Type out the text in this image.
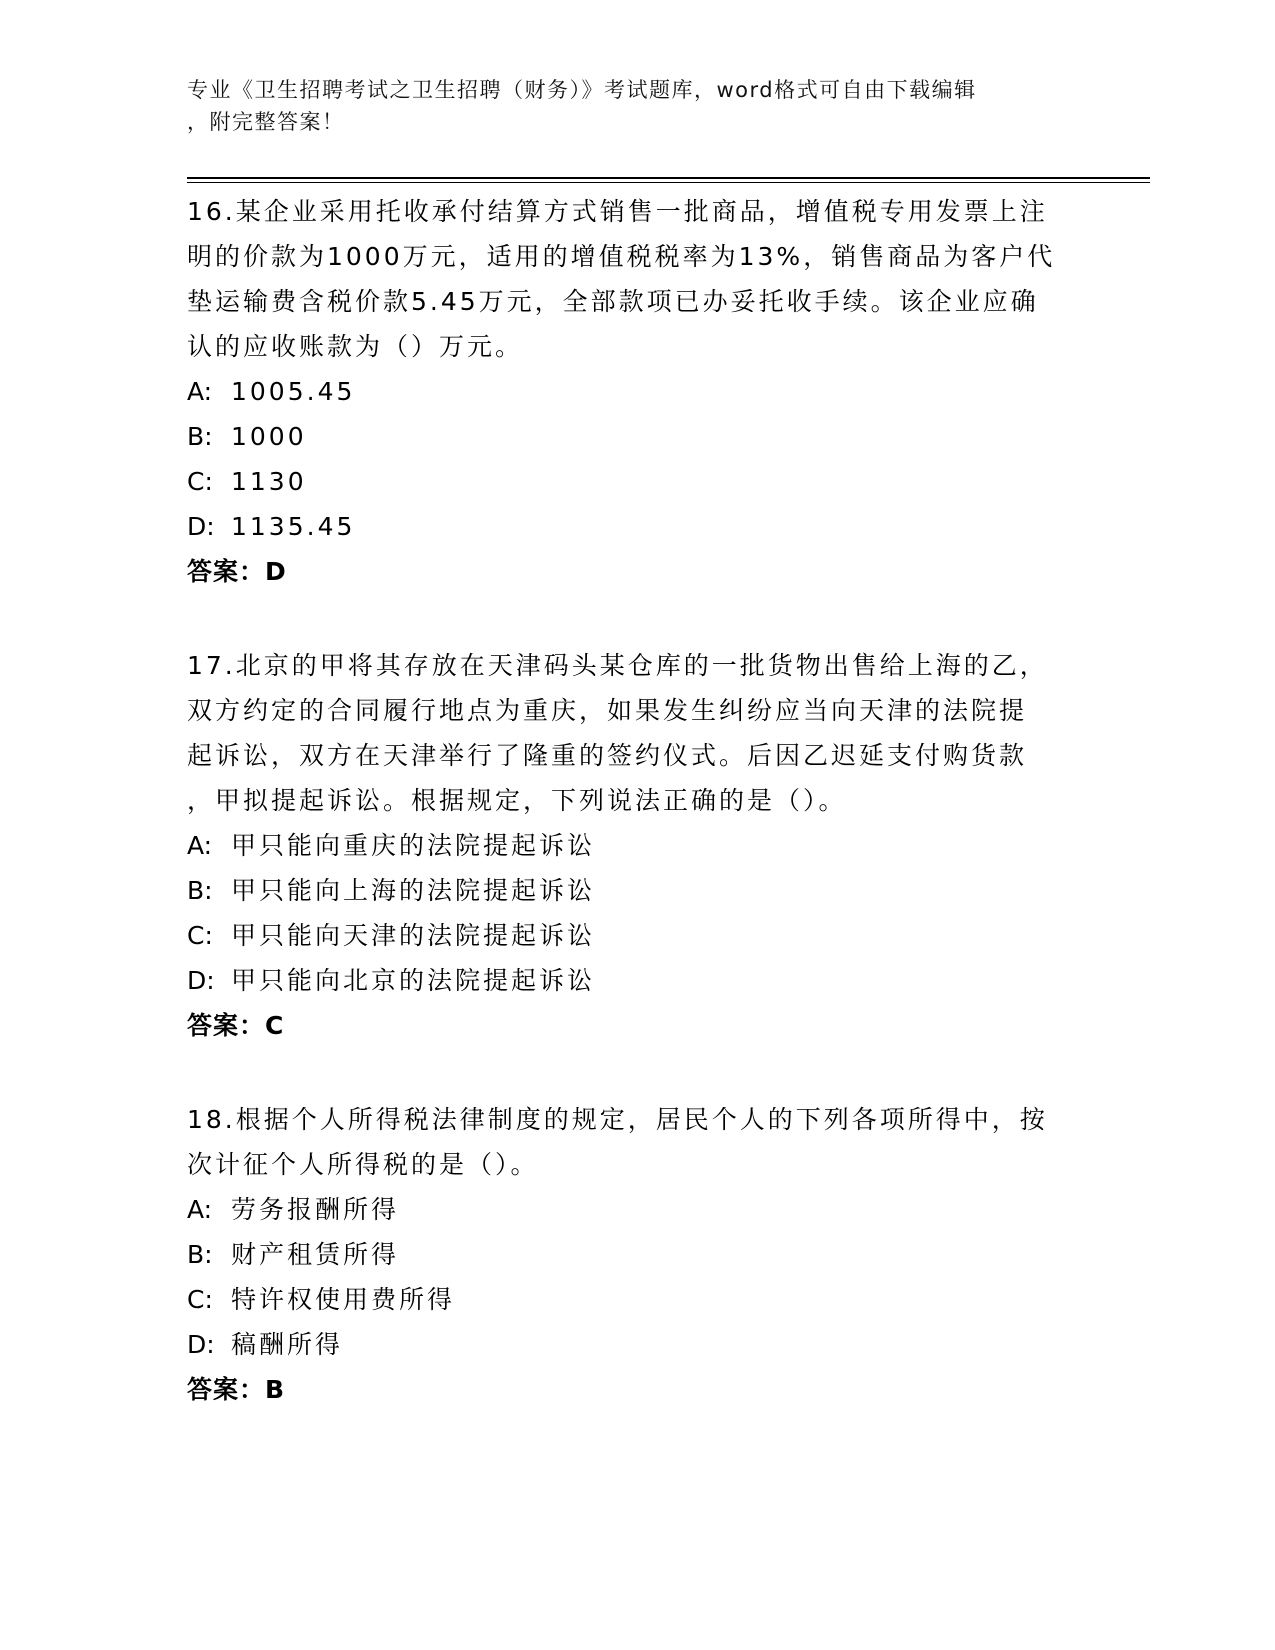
专业《卫生招聘考试之卫生招聘（财务）》考试题库，word格式可自由下载编辑
，附完整答案！

16.某企业采用托收承付结算方式销售一批商品，增值税专用发票上注

明的价款为1000万元，适用的增值税税率为13%，销售商品为客户代

垫运输费含税价款5.45万元，全部款项已办妥托收手续。该企业应确

认的应收账款为（）万元。

A: 1005.45

B: 1000

C: 1130

D: 1135.45

答案：D

17.北京的甲将其存放在天津码头某仓库的一批货物出售给上海的乙，

双方约定的合同履行地点为重庆，如果发生纠纷应当向天津的法院提

起诉讼，双方在天津举行了隆重的签约仪式。后因乙迟延支付购货款

，甲拟提起诉讼。根据规定，下列说法正确的是（）。

A: 甲只能向重庆的法院提起诉讼

B: 甲只能向上海的法院提起诉讼

C: 甲只能向天津的法院提起诉讼

D: 甲只能向北京的法院提起诉讼

答案：C

18.根据个人所得税法律制度的规定，居民个人的下列各项所得中，按

次计征个人所得税的是（）。

A: 劳务报酬所得

B: 财产租赁所得

C: 特许权使用费所得

D: 稿酬所得

答案：B
